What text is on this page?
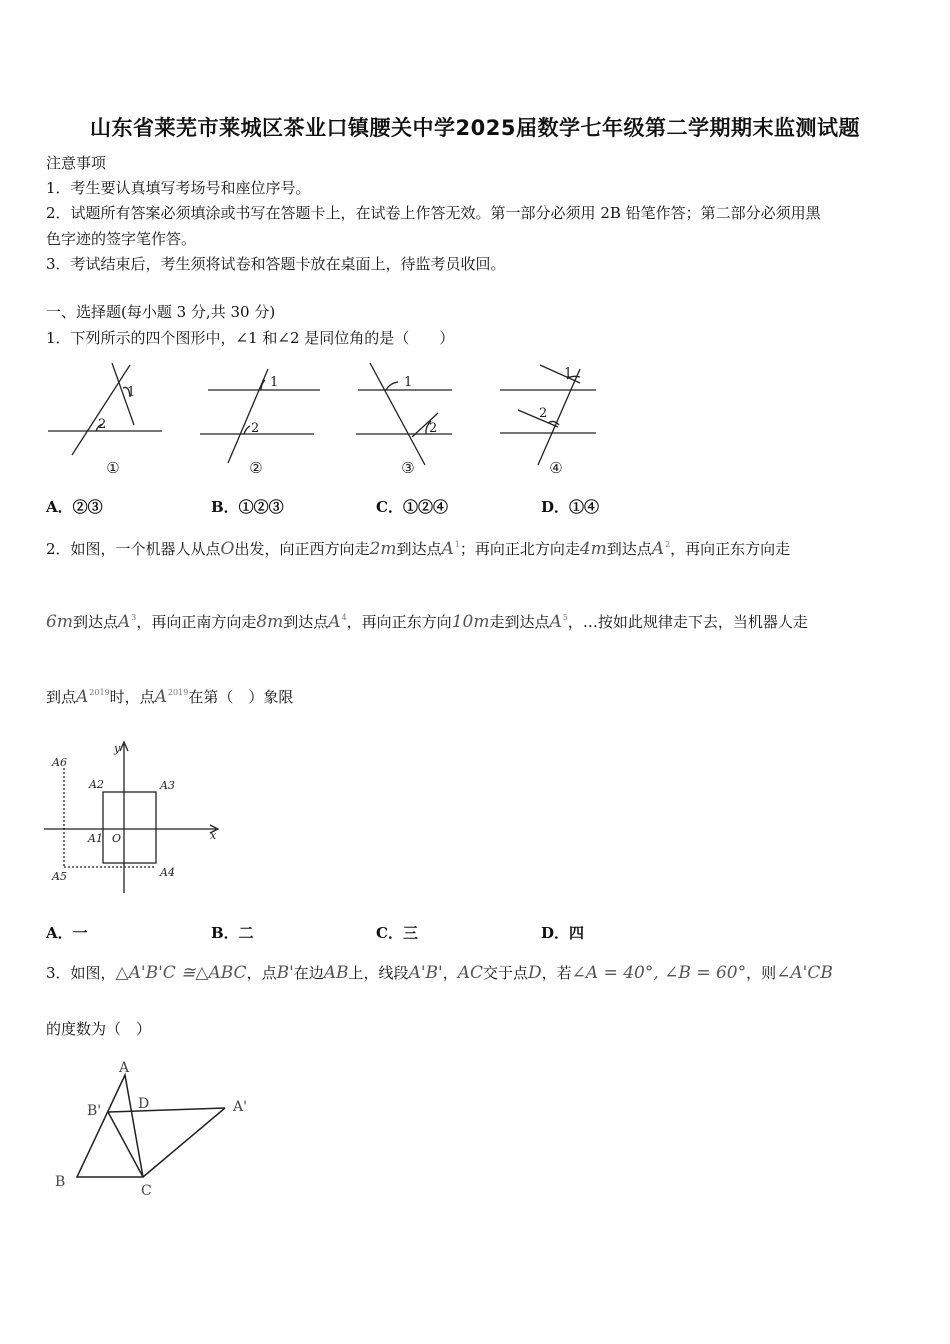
山东省莱芜市莱城区茶业口镇腰关中学2025届数学七年级第二学期期末监测试题
注意事项
1．考生要认真填写考场号和座位序号。
2．试题所有答案必须填涂或书写在答题卡上，在试卷上作答无效。第一部分必须用 2B 铅笔作答；第二部分必须用黑
色字迹的签字笔作答。
3．考试结束后，考生须将试卷和答题卡放在桌面上，待监考员收回。
一、选择题(每小题 3 分,共 30 分)
1．下列所示的四个图形中，∠1 和∠2 是同位角的是（　　）
1
2
1
2
1
2
1
2
①	②	③	④
A．②③	B．①②③	C．①②④	D．①④
2．如图，一个机器人从点O出发，向正西方向走2m到达点$A^1$；再向正北方向走4m到达点$A^2$，再向正东方向走
6m到达点$A^3$，再向正南方向走8m到达点$A^4$，再向正东方向10m走到达点$A^5$，…按如此规律走下去，当机器人走
到点$A^{2019}$时，点$A^{2019}$在第（　）象限
y
x
A6
A2	A3
A1 O
A5	A4
A．一	B．二	C．三	D．四
3．如图，△A'B'C ≅△ABC，点B'在边AB上，线段A'B'，AC交于点D，若∠A = 40°, ∠B = 60°，则∠A'CB
的度数为（　）
A
B'	D	A'
B
C
